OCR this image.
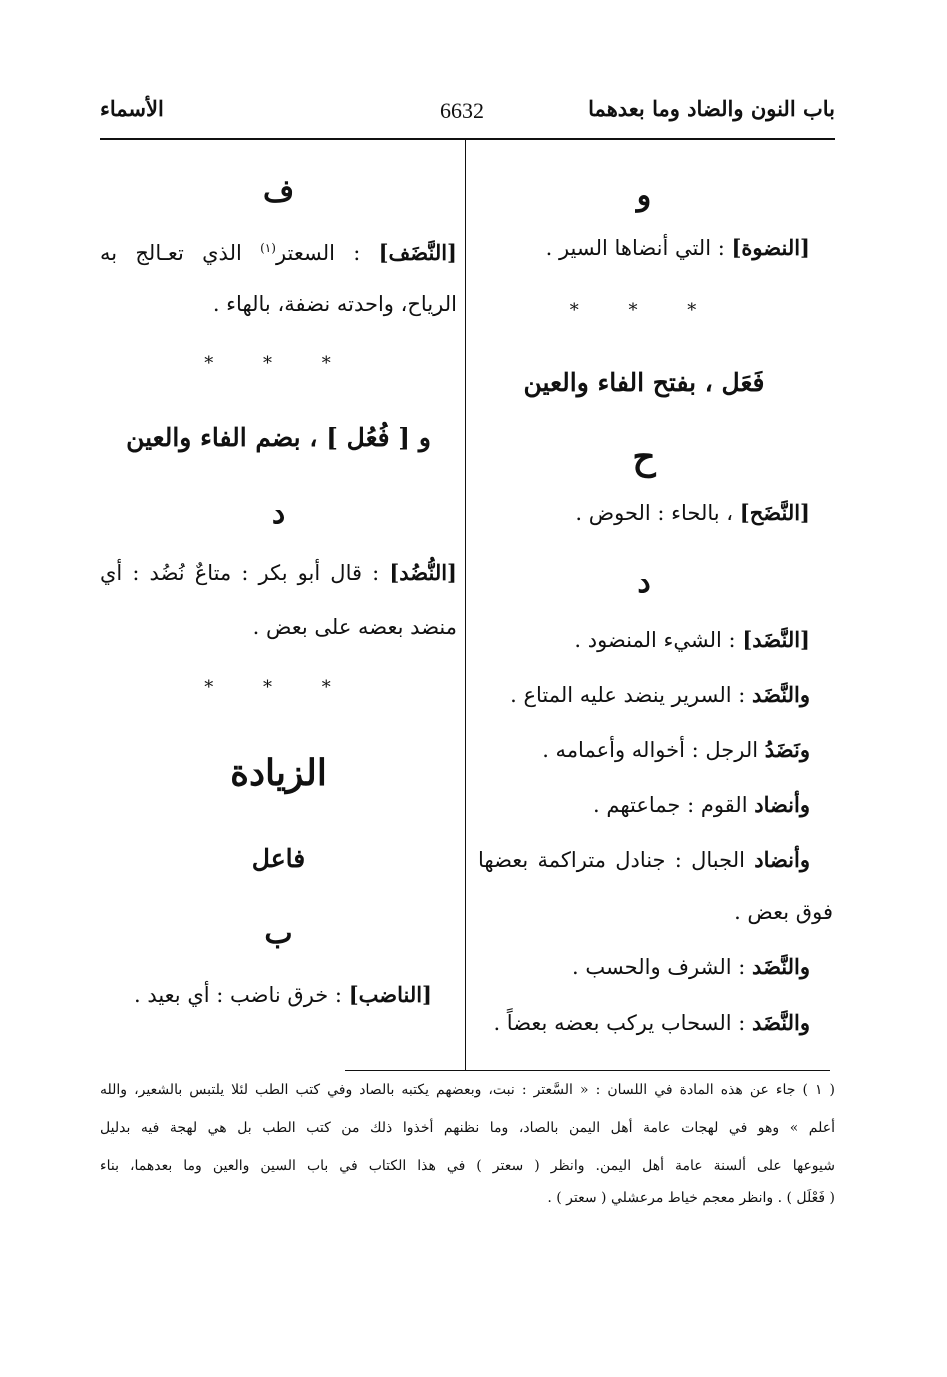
باب النون والضاد وما بعدهما
6632
الأسماء
و
[النضوة] : التي أنضاها السير .
* * *
فَعَل ، بفتح الفاء والعين
ح
[النَّضَح] ، بالحاء : الحوض .
د
[النَّضَد] : الشيء المنضود .
والنَّضَد : السرير ينضد عليه المتاع .
ونَضَدُ الرجل : أخواله وأعمامه .
وأنضاد القوم : جماعتهم .
وأنضاد الجبال : جنادل متراكمة بعضها
فوق بعض .
والنَّضَد : الشرف والحسب .
والنَّضَد : السحاب يركب بعضه بعضاً .
ف
[النَّضَف] : السعتر$^{(١)}$ الذي تعـالج به
الرياح، واحدته نضفة، بالهاء .
* * *
و [ فُعُل ] ، بضم الفاء والعين
د
[النُّضُد] : قال أبو بكر : متاعٌ نُضُد : أي
منضد بعضه على بعض .
* * *
الزيادة
فاعل
ب
[الناضب] : خرق ناضب : أي بعيد .
( ١ ) جاء عن هذه المادة في اللسان : « السَّعتر : نبت، وبعضهم يكتبه بالصاد وفي كتب الطب لئلا يلتبس بالشعير، والله
أعلم » وهو في لهجات عامة أهل اليمن بالصاد، وما نظنهم أخذوا ذلك من كتب الطب بل هي لهجة فيه بدليل
شيوعها على ألسنة عامة أهل اليمن. وانظر ( سعتر ) في هذا الكتاب في باب السين والعين وما بعدهما، بناء
( فَعْلَل ) . وانظر معجم خياط مرعشلي ( سعتر ) .
